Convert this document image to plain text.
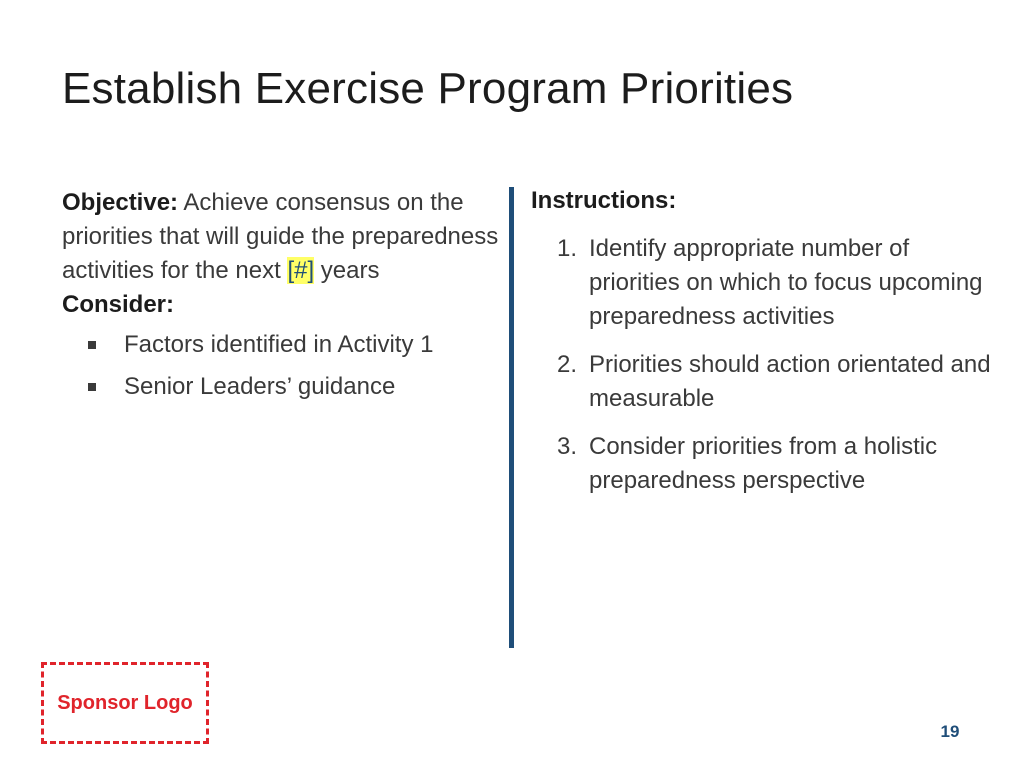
Establish Exercise Program Priorities

Objective: Achieve consensus on the priorities that will guide the preparedness activities for the next [#] years

Consider:

Factors identified in Activity 1
Senior Leaders’ guidance
Instructions:
1. Identify appropriate number of priorities on which to focus upcoming preparedness activities
2. Priorities should action orientated and measurable
3. Consider priorities from a holistic preparedness perspective
Sponsor Logo
19
